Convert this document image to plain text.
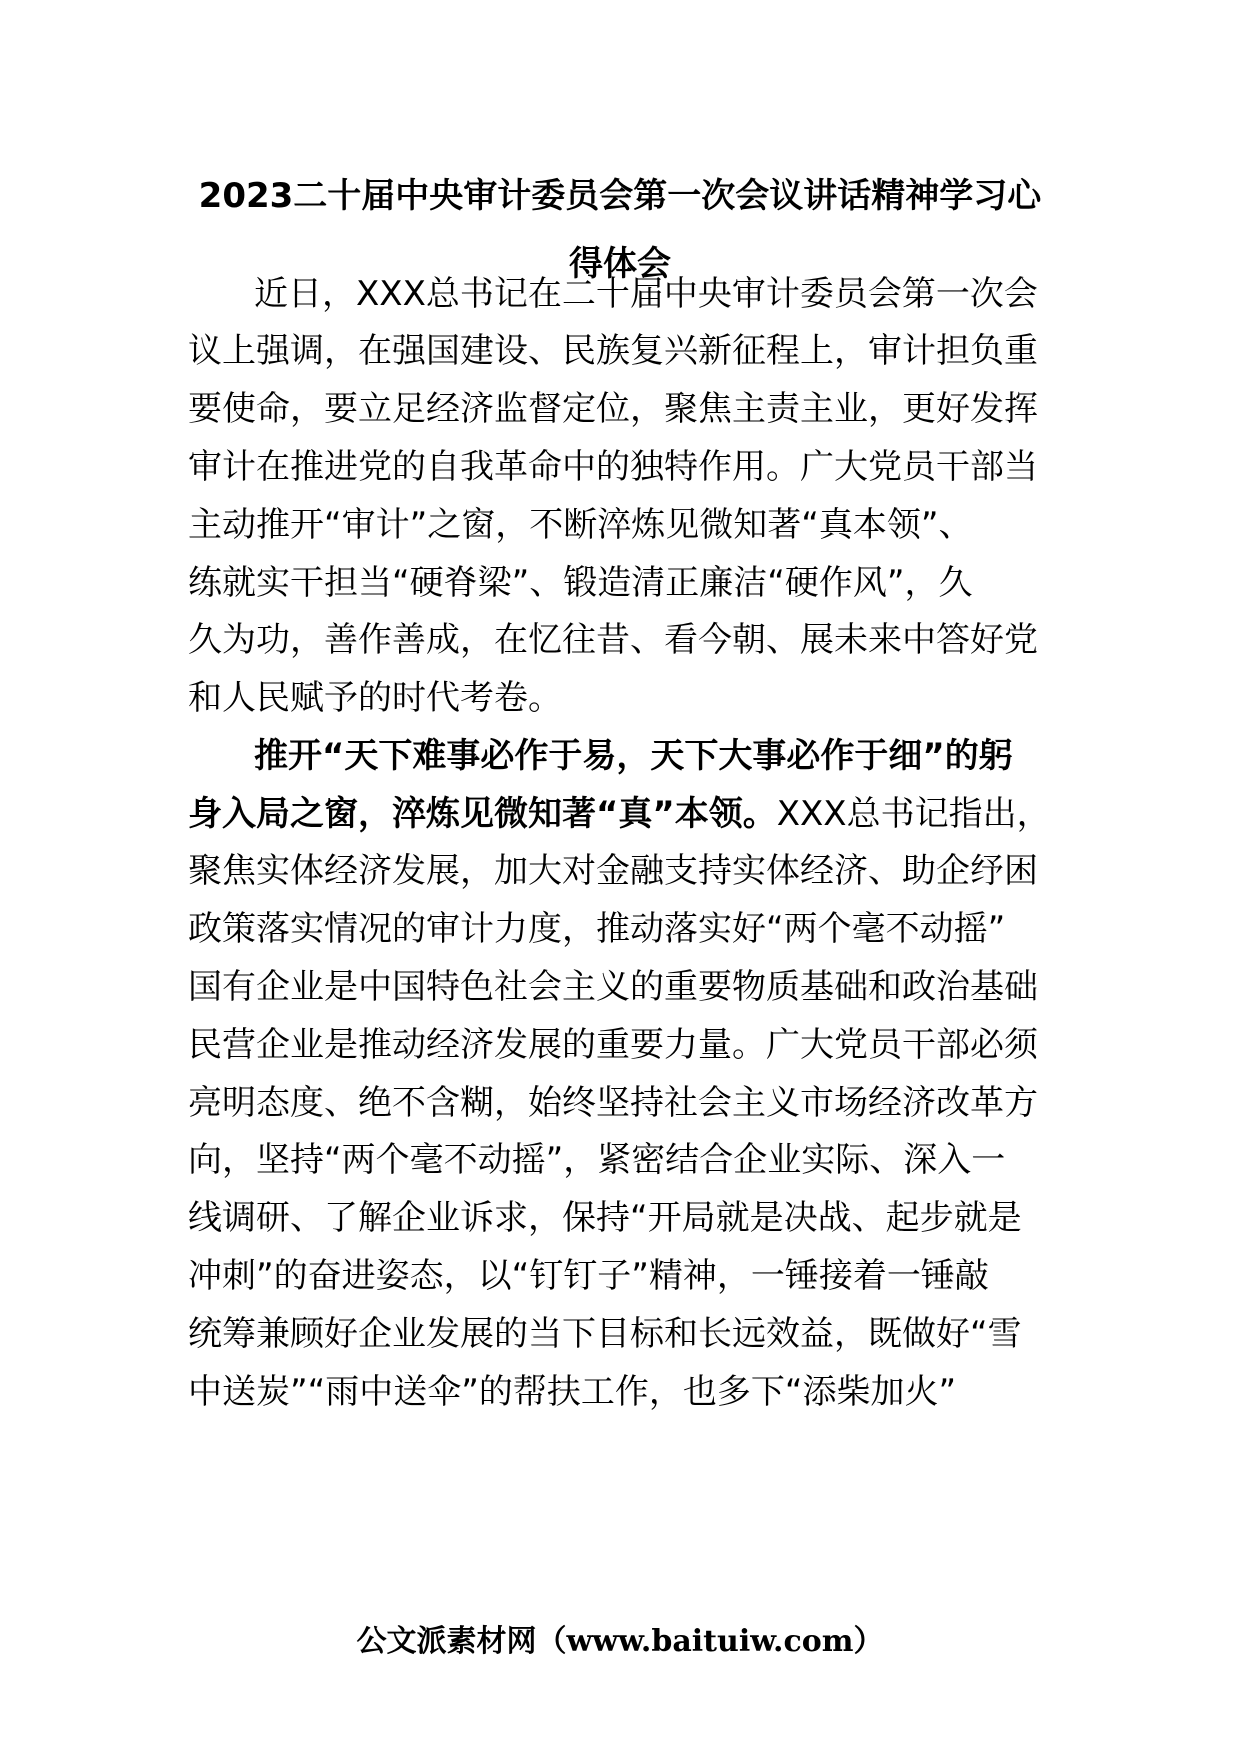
2023二十届中央审计委员会第一次会议讲话精神学习心
得体会

近日，XXX总书记在二十届中央审计委员会第一次会

议上强调，在强国建设、民族复兴新征程上，审计担负重

要使命，要立足经济监督定位，聚焦主责主业，更好发挥

审计在推进党的自我革命中的独特作用。广大党员干部当

主动推开“审计”之窗，不断淬炼见微知著“真本领”、

练就实干担当“硬脊梁”、锻造清正廉洁“硬作风”，久

久为功，善作善成，在忆往昔、看今朝、展未来中答好党

和人民赋予的时代考卷。

推开“天下难事必作于易，天下大事必作于细”的躬

身入局之窗，淬炼见微知著“真”本领。XXX总书记指出，

聚焦实体经济发展，加大对金融支持实体经济、助企纾困

政策落实情况的审计力度，推动落实好“两个毫不动摇”

国有企业是中国特色社会主义的重要物质基础和政治基础

民营企业是推动经济发展的重要力量。广大党员干部必须

亮明态度、绝不含糊，始终坚持社会主义市场经济改革方

向，坚持“两个毫不动摇”，紧密结合企业实际、深入一

线调研、了解企业诉求，保持“开局就是决战、起步就是

冲刺”的奋进姿态，以“钉钉子”精神，一锤接着一锤敲

统筹兼顾好企业发展的当下目标和长远效益，既做好“雪

中送炭”“雨中送伞”的帮扶工作，也多下“添柴加火”

公文派素材网（www.baituiw.com）
